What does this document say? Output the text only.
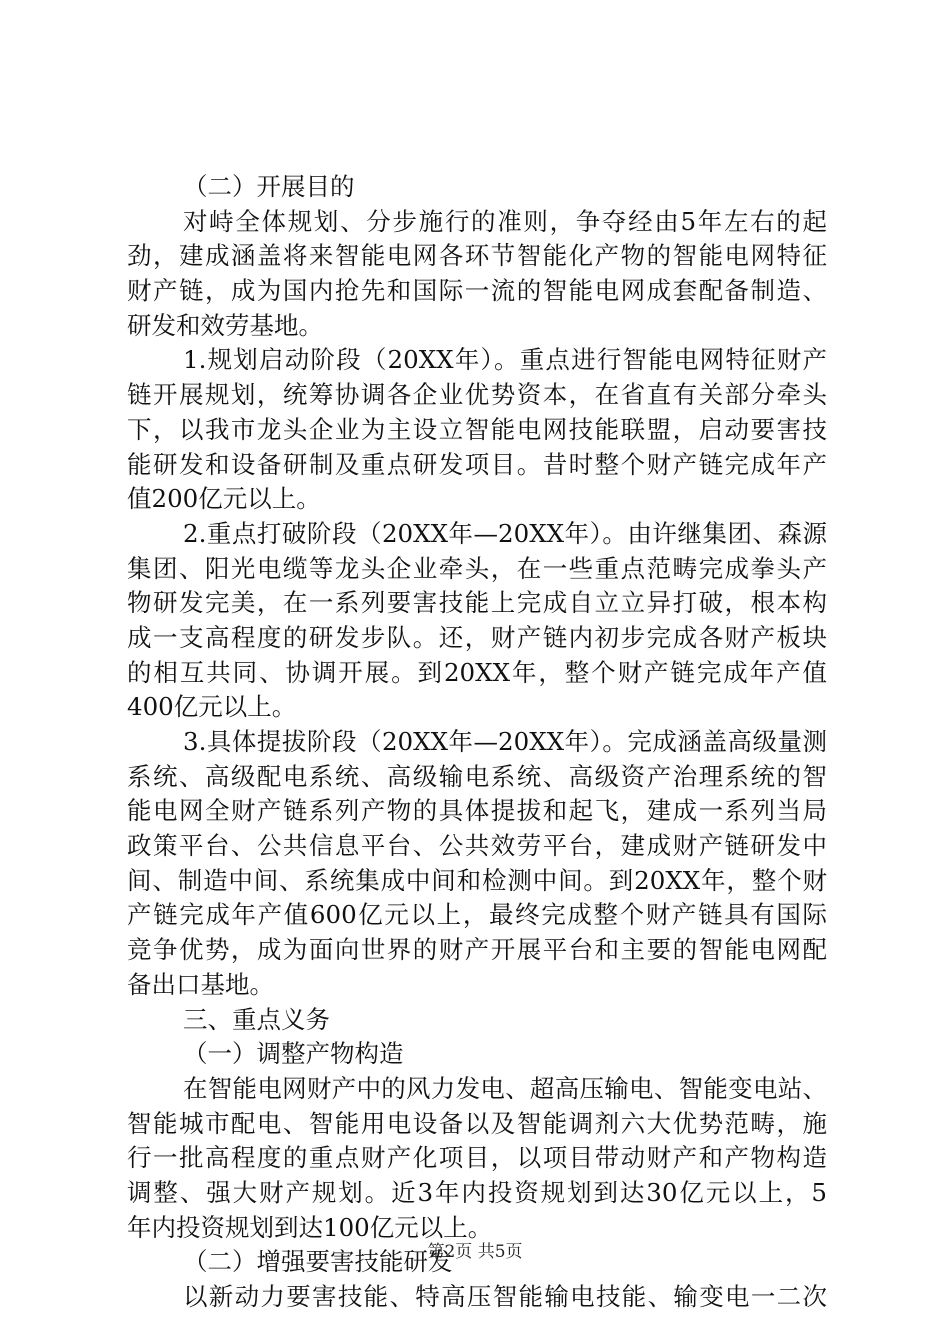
（二）开展目的
对峙全体规划、分步施行的准则，争夺经由5年左右的起
劲，建成涵盖将来智能电网各环节智能化产物的智能电网特征
财产链，成为国内抢先和国际一流的智能电网成套配备制造、
研发和效劳基地。
1.规划启动阶段（20XX年）。重点进行智能电网特征财产
链开展规划，统筹协调各企业优势资本，在省直有关部分牵头
下，以我市龙头企业为主设立智能电网技能联盟，启动要害技
能研发和设备研制及重点研发项目。昔时整个财产链完成年产
值200亿元以上。
2.重点打破阶段（20XX年—20XX年）。由许继集团、森源
集团、阳光电缆等龙头企业牵头，在一些重点范畴完成拳头产
物研发完美，在一系列要害技能上完成自立立异打破，根本构
成一支高程度的研发步队。还，财产链内初步完成各财产板块
的相互共同、协调开展。到20XX年，整个财产链完成年产值
400亿元以上。
3.具体提拔阶段（20XX年—20XX年）。完成涵盖高级量测
系统、高级配电系统、高级输电系统、高级资产治理系统的智
能电网全财产链系列产物的具体提拔和起飞，建成一系列当局
政策平台、公共信息平台、公共效劳平台，建成财产链研发中
间、制造中间、系统集成中间和检测中间。到20XX年，整个财
产链完成年产值600亿元以上，最终完成整个财产链具有国际
竞争优势，成为面向世界的财产开展平台和主要的智能电网配
备出口基地。
三、重点义务
（一）调整产物构造
在智能电网财产中的风力发电、超高压输电、智能变电站、
智能城市配电、智能用电设备以及智能调剂六大优势范畴，施
行一批高程度的重点财产化项目，以项目带动财产和产物构造
调整、强大财产规划。近3年内投资规划到达30亿元以上，5
年内投资规划到达100亿元以上。
（二）增强要害技能研发
以新动力要害技能、特高压智能输电技能、输变电一二次
第2页 共5页
